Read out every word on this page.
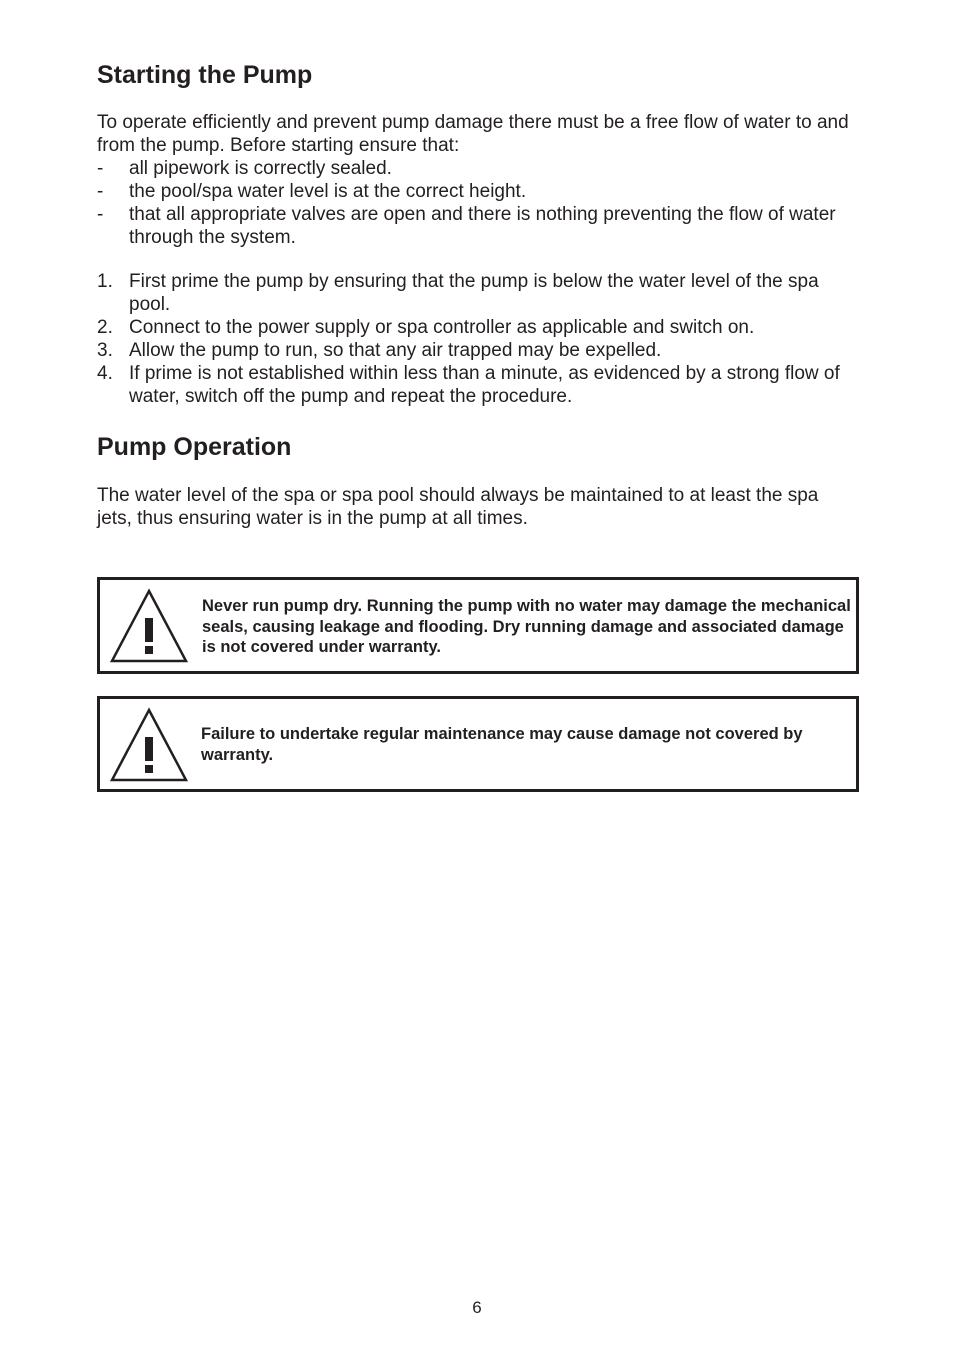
Starting the Pump

To operate efficiently and prevent pump damage there must be a free flow of water to and from the pump. Before starting ensure that:

- all pipework is correctly sealed.
- the pool/spa water level is at the correct height.
- that all appropriate valves are open and there is nothing preventing the flow of water through the system.
1. First prime the pump by ensuring that the pump is below the water level of the spa pool.
2. Connect to the power supply or spa controller as applicable and switch on.
3. Allow the pump to run, so that any air trapped may be expelled.
4. If prime is not established within less than a minute, as evidenced by a strong flow of water, switch off the pump and repeat the procedure.
Pump Operation

The water level of the spa or spa pool should always be maintained to at least the spa jets, thus ensuring water is in the pump at all times.

Never run pump dry. Running the pump with no water may damage the mechanical seals, causing leakage and flooding. Dry running damage and associated damage is not covered under warranty.
Failure to undertake regular maintenance may cause damage not covered by warranty.
6
